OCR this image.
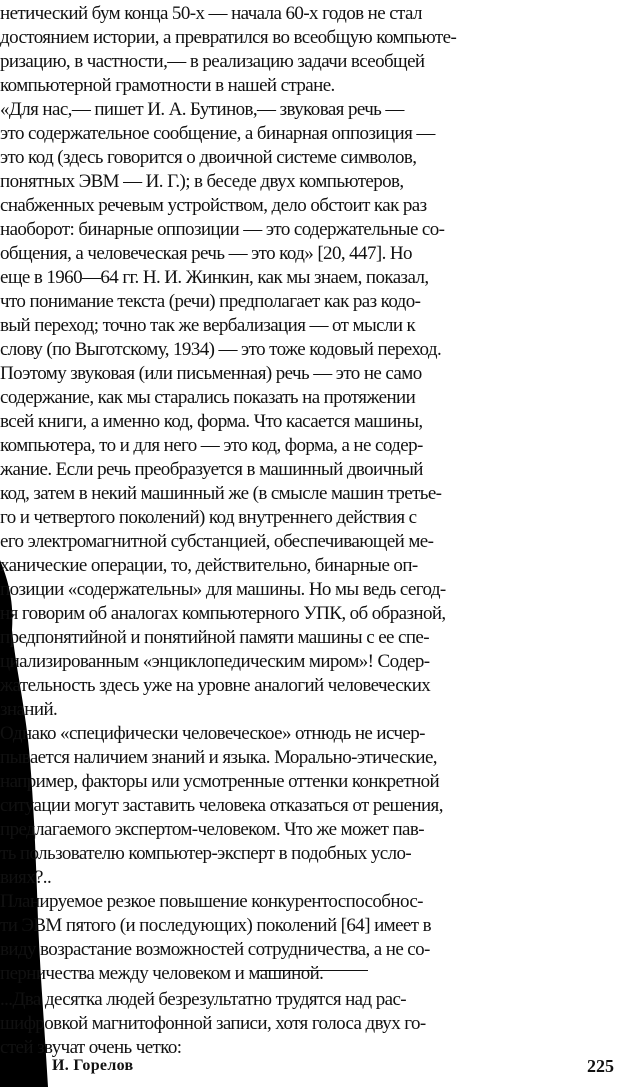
нетический бум конца 50-х — начала 60-х годов не стал
достоянием истории, а превратился во всеобщую компьюте-
ризацию, в частности,— в реализацию задачи всеобщей
компьютерной грамотности в нашей стране.
«Для нас,— пишет И. А. Бутинов,— звуковая речь —
это содержательное сообщение, а бинарная оппозиция —
это код (здесь говорится о двоичной системе символов,
понятных ЭВМ — И. Г.); в беседе двух компьютеров,
снабженных речевым устройством, дело обстоит как раз
наоборот: бинарные оппозиции — это содержательные со-
общения, а человеческая речь — это код» [20, 447]. Но
еще в 1960—64 гг. Н. И. Жинкин, как мы знаем, показал,
что понимание текста (речи) предполагает как раз кодо-
вый переход; точно так же вербализация — от мысли к
слову (по Выготскому, 1934) — это тоже кодовый переход.
Поэтому звуковая (или письменная) речь — это не само
содержание, как мы старались показать на протяжении
всей книги, а именно код, форма. Что касается машины,
компьютера, то и для него — это код, форма, а не содер-
жание. Если речь преобразуется в машинный двоичный
код, затем в некий машинный же (в смысле машин третье-
го и четвертого поколений) код внутреннего действия с
его электромагнитной субстанцией, обеспечивающей ме-
ханические операции, то, действительно, бинарные оп-
позиции «содержательны» для машины. Но мы ведь сегод-
ня говорим об аналогах компьютерного УПК, об образной,
предпонятийной и понятийной памяти машины с ее спе-
циализированным «энциклопедическим миром»! Содер-
жательность здесь уже на уровне аналогий человеческих
знаний.
Однако «специфически человеческое» отнюдь не исчер-
пывается наличием знаний и языка. Морально-этические,
например, факторы или усмотренные оттенки конкретной
ситуации могут заставить человека отказаться от решения,
предлагаемого экспертом-человеком. Что же может пав-
ть пользователю компьютер-эксперт в подобных усло-
виях?..
Планируемое резкое повышение конкурентоспособнос-
ти ЭВМ пятого (и последующих) поколений [64] имеет в
виду возрастание возможностей сотрудничества, а не со-
перничества между человеком и машиной.
...Два десятка людей безрезультатно трудятся над рас-
шифровкой магнитофонной записи, хотя голоса двух го-
стей звучат очень четко:
И. Горелов	225
